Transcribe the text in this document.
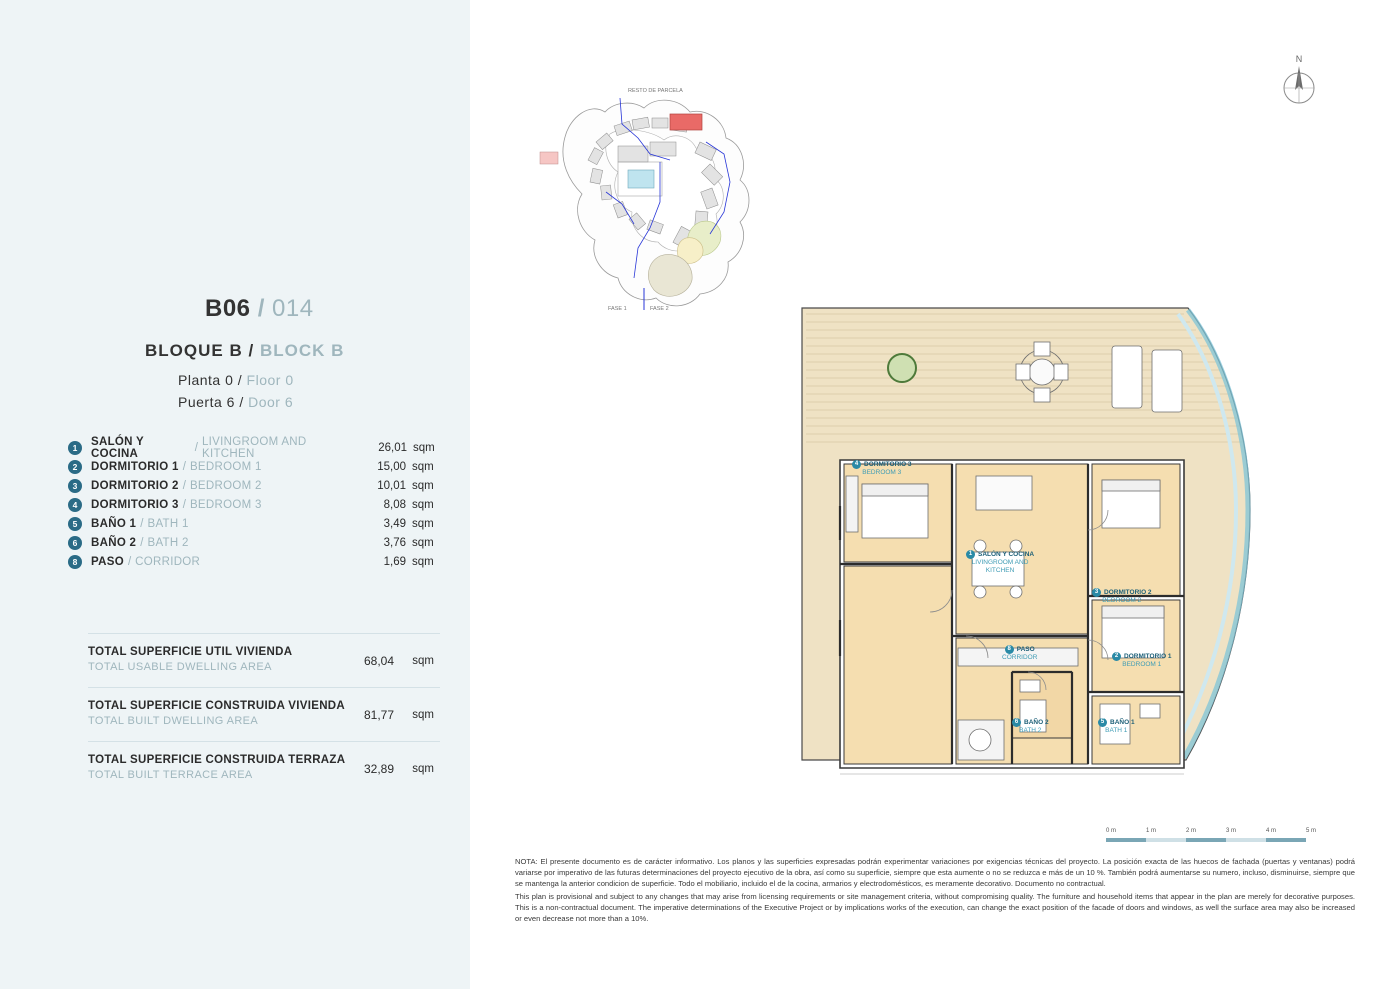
B06 / 014
BLOQUE B / BLOCK B
Planta 0 / Floor 0
Puerta 6 / Door 6
1	SALÓN Y COCINA	/ LIVINGROOM AND KITCHEN	26,01 sqm
2	DORMITORIO 1 / BEDROOM 1	15,00 sqm
3	DORMITORIO 2 / BEDROOM 2	10,01 sqm
4	DORMITORIO 3 / BEDROOM 3	8,08 sqm
5	BAÑO 1 / BATH 1	3,49 sqm
6	BAÑO 2 / BATH 2	3,76 sqm
8	PASO / CORRIDOR	1,69 sqm
TOTAL SUPERFICIE UTIL VIVIENDA
TOTAL USABLE DWELLING AREA	68,04 sqm
TOTAL SUPERFICIE CONSTRUIDA VIVIENDA
TOTAL BUILT DWELLING AREA	81,77 sqm
TOTAL SUPERFICIE CONSTRUIDA TERRAZA
TOTAL BUILT TERRACE AREA	32,89 sqm
N
RESTO DE PARCELA
FASE 1	FASE 2
4 DORMITORIO 3
BEDROOM 3
1 SALÓN Y COCINA
LIVINGROOM AND
KITCHEN
3 DORMITORIO 2
BEDROOM 2
2 DORMITORIO 1
BEDROOM 1
8 PASO
CORRIDOR
6 BAÑO 2
BATH 2
5 BAÑO 1
BATH 1
0 m	1 m	2 m	3 m	4 m	5 m

NOTA: El presente documento es de carácter informativo. Los planos y las superficies expresadas podrán experimentar variaciones por exigencias técnicas del proyecto. La posición exacta de las huecos de fachada (puertas y ventanas) podrá variarse por imperativo de las futuras determinaciones del proyecto ejecutivo de la obra, así como su superficie, siempre que esta aumente o no se reduzca e más de un 10 %. También podrá aumentarse su numero, incluso, disminuirse, siempre que se mantenga la anterior condicion de superficie. Todo el mobiliario, incluido el de la cocina, armarios y electrodomésticos, es meramente decorativo. Documento no contractual.

This plan is provisional and subject to any changes that may arise from licensing requirements or site management criteria, without compromising quality. The furniture and household items that appear in the plan are merely for decorative purposes. This is a non-contractual document. The imperative determinations of the Executive Project or by implications works of the execution, can change the exact position of the facade of doors and windows, as well the surface area may also be increased or even decrease not more than a 10%.
